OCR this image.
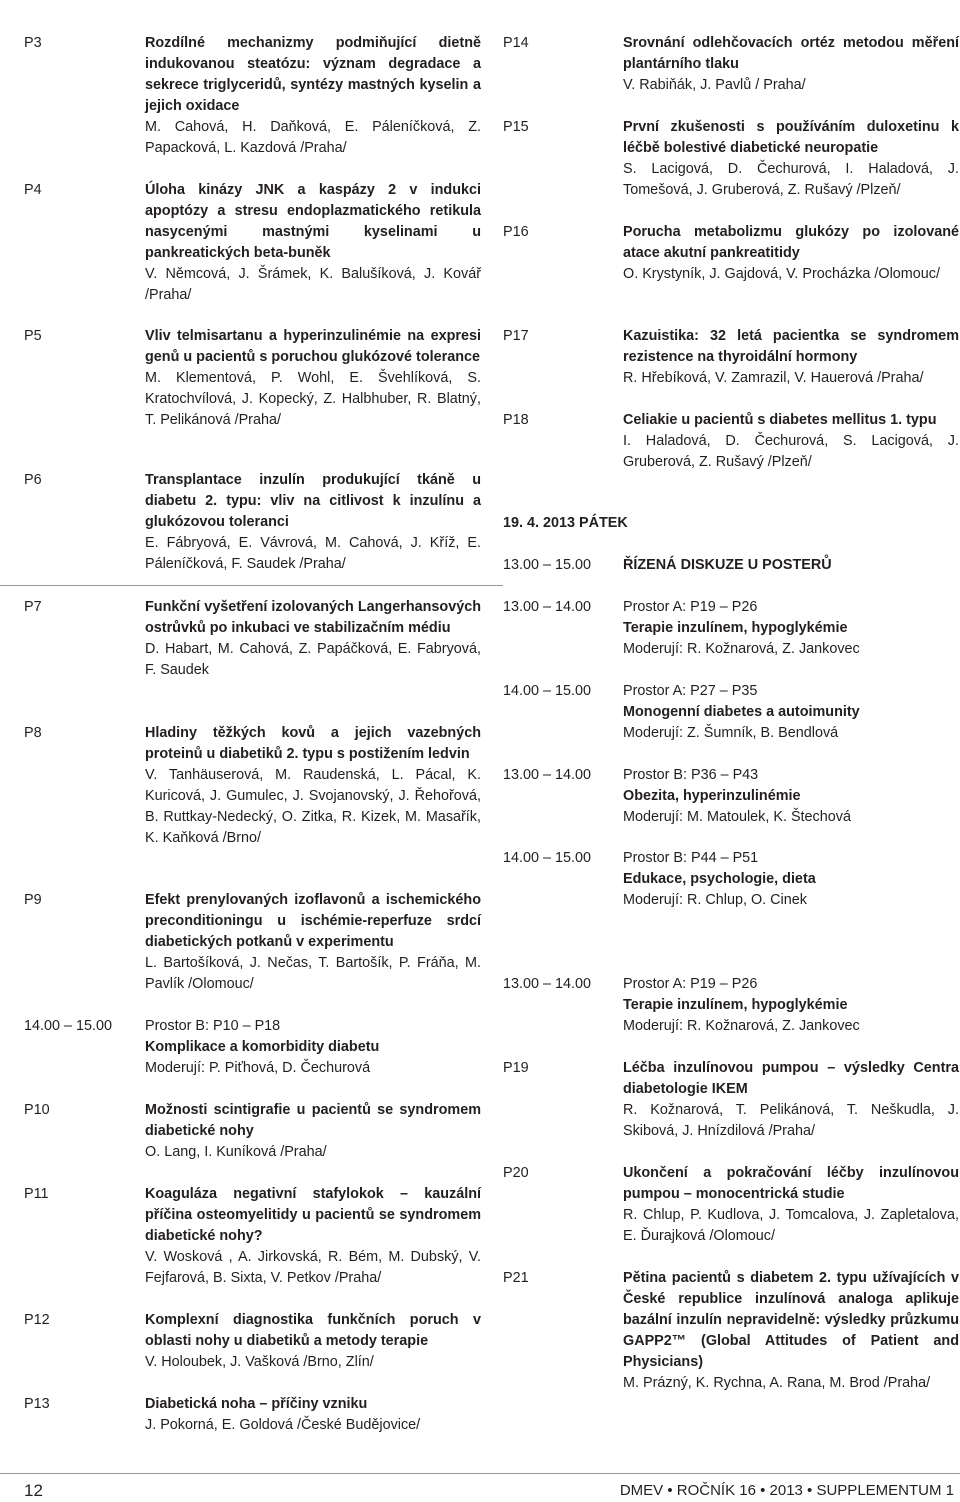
P3	Rozdílné mechanizmy podmiňující dietně indukovanou steatózu: význam degradace a sekrece triglyceridů, syntézy mastných kyselin a jejich oxidace
M. Cahová, H. Daňková, E. Páleníčková, Z. Papacková, L. Kazdová /Praha/
P4	Úloha kinázy JNK a kaspázy 2 v indukci apoptózy a stresu endoplazmatického retikula nasycenými mastnými kyselinami u pankreatických beta-buněk
V. Němcová, J. Šrámek, K. Balušíková, J. Kovář /Praha/
P5	Vliv telmisartanu a hyperinzulinémie na expresi genů u pacientů s poruchou glukózové tolerance
M. Klementová, P. Wohl, E. Švehlíková, S. Kratochvílová, J. Kopecký, Z. Halbhuber, R. Blatný, T. Pelikánová /Praha/
P6	Transplantace inzulín produkující tkáně u diabetu 2. typu: vliv na citlivost k inzulínu a glukózovou toleranci
E. Fábryová, E. Vávrová, M. Cahová, J. Kříž, E. Páleníčková, F. Saudek /Praha/
P7	Funkční vyšetření izolovaných Langerhansových ostrůvků po inkubaci ve stabilizačním médiu
D. Habart, M. Cahová, Z. Papáčková, E. Fabryová, F. Saudek
P8	Hladiny těžkých kovů a jejich vazebných proteinů u diabetiků 2. typu s postižením ledvin
V. Tanhäuserová, M. Raudenská, L. Pácal, K. Kuricová, J. Gumulec, J. Svojanovský, J. Řehořová, B. Ruttkay-Nedecký, O. Zitka, R. Kizek, M. Masařík, K. Kaňková /Brno/
P9	Efekt prenylovaných izoflavonů a ischemického preconditioningu u ischémie-reperfuze srdcí diabetických potkanů v experimentu
L. Bartošíková, J. Nečas, T. Bartošík, P. Fráňa, M. Pavlík /Olomouc/
14.00 – 15.00 Prostor B: P10 – P18
Komplikace a komorbidity diabetu
Moderují: P. Piťhová, D. Čechurová
P10	Možnosti scintigrafie u pacientů se syndromem diabetické nohy
O. Lang, I. Kuníková /Praha/
P11	Koaguláza negativní stafylokok – kauzální příčina osteomyelitidy u pacientů se syndromem diabetické nohy?
V. Wosková , A. Jirkovská, R. Bém, M. Dubský, V. Fejfarová, B. Sixta, V. Petkov /Praha/
P12	Komplexní diagnostika funkčních poruch v oblasti nohy u diabetiků a metody terapie
V. Holoubek, J. Vašková /Brno, Zlín/
P13	Diabetická noha – příčiny vzniku
J. Pokorná, E. Goldová /České Budějovice/
P14	Srovnání odlehčovacích ortéz metodou měření plantárního tlaku
V. Rabiňák, J. Pavlů / Praha/
P15	První zkušenosti s používáním duloxetinu k léčbě bolestivé diabetické neuropatie
S. Lacigová, D. Čechurová, I. Haladová, J. Tomešová, J. Gruberová, Z. Rušavý /Plzeň/
P16	Porucha metabolizmu glukózy po izolované atace akutní pankreatitidy
O. Krystyník, J. Gajdová, V. Procházka /Olomouc/
P17	Kazuistika: 32 letá pacientka se syndromem rezistence na thyroidální hormony
R. Hřebíková, V. Zamrazil, V. Hauerová /Praha/
P18	Celiakie u pacientů s diabetes mellitus 1. typu
I. Haladová, D. Čechurová, S. Lacigová, J. Gruberová, Z. Rušavý /Plzeň/
19. 4. 2013 PÁTEK
13.00 – 15.00 ŘÍZENÁ DISKUZE U POSTERŮ
13.00 – 14.00 Prostor A: P19 – P26
Terapie inzulínem, hypoglykémie
Moderují: R. Kožnarová, Z. Jankovec
14.00 – 15.00 Prostor A: P27 – P35
Monogenní diabetes a autoimunity
Moderují: Z. Šumník, B. Bendlová
13.00 – 14.00 Prostor B: P36 – P43
Obezita, hyperinzulinémie
Moderují: M. Matoulek, K. Štechová
14.00 – 15.00 Prostor B: P44 – P51
Edukace, psychologie, dieta
Moderují: R. Chlup, O. Cinek
13.00 – 14.00 Prostor A: P19 – P26
Terapie inzulínem, hypoglykémie
Moderují: R. Kožnarová, Z. Jankovec
P19	Léčba inzulínovou pumpou – výsledky Centra diabetologie IKEM
R. Kožnarová, T. Pelikánová, T. Neškudla, J. Skibová, J. Hnízdilová /Praha/
P20	Ukončení a pokračování léčby inzulínovou pumpou – monocentrická studie
R. Chlup, P. Kudlova, J. Tomcalova, J. Zapletalova, E. Ďurajková /Olomouc/
P21	Pětina pacientů s diabetem 2. typu užívajících v České republice inzulínová analoga aplikuje bazální inzulín nepravidelně: výsledky průzkumu GAPP2™ (Global Attitudes of Patient and Physicians)
M. Prázný, K. Rychna, A. Rana, M. Brod /Praha/
12	DMEV • ROČNÍK 16 • 2013 • SUPPLEMENTUM 1
